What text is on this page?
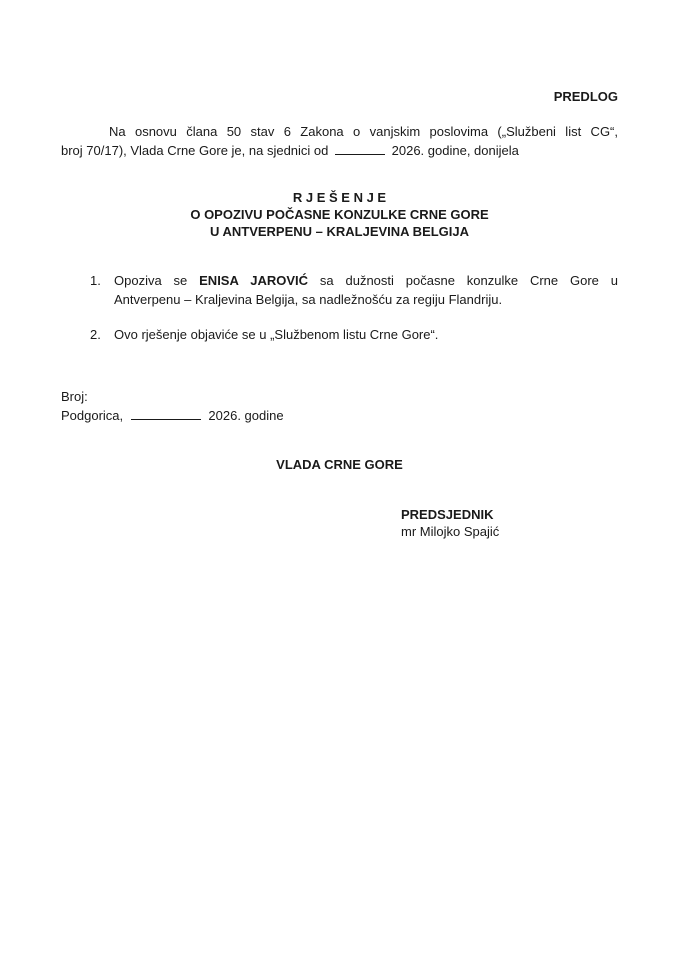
PREDLOG
Na osnovu člana 50 stav 6 Zakona o vanjskim poslovima („Službeni list CG“,
broj 70/17), Vlada Crne Gore je, na sjednici od	2026. godine, donijela
R J E Š E N J E
O OPOZIVU POČASNE KONZULKE CRNE GORE
U ANTVERPENU – KRALJEVINA BELGIJA
1. Opoziva se ENISA JAROVIĆ sa dužnosti počasne konzulke Crne Gore u
Antverpenu – Kraljevina Belgija, sa nadležnošću za regiju Flandriju.
2. Ovo rješenje objaviće se u „Službenom listu Crne Gore“.
Broj:
Podgorica,	2026. godine
VLADA CRNE GORE
PREDSJEDNIK
mr Milojko Spajić
